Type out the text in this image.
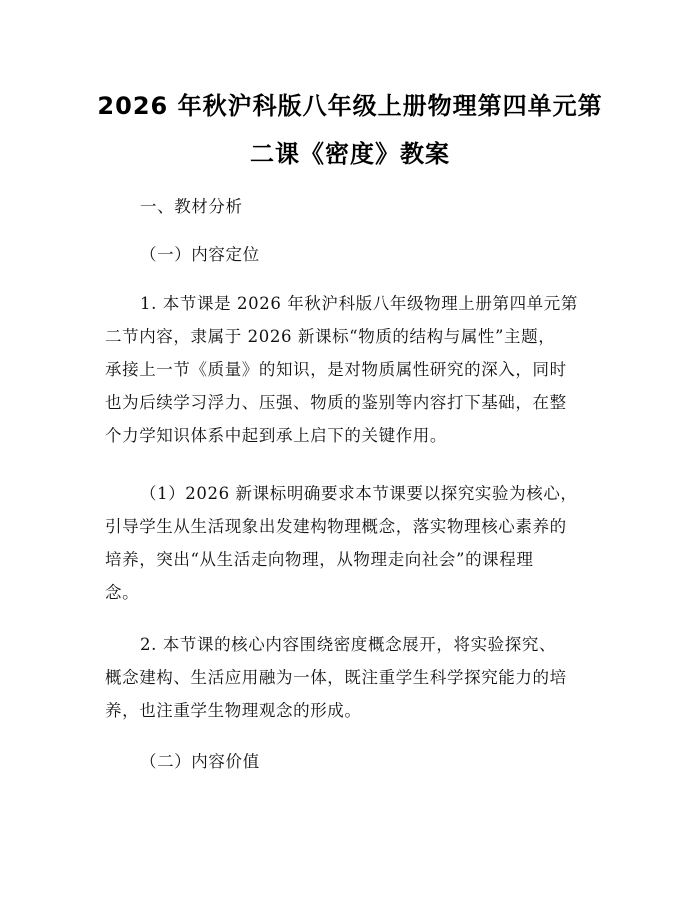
2026 年秋沪科版八年级上册物理第四单元第
二课《密度》教案
一、教材分析
（一）内容定位
1. 本节课是 2026 年秋沪科版八年级物理上册第四单元第
二节内容，隶属于 2026 新课标“物质的结构与属性”主题，
承接上一节《质量》的知识，是对物质属性研究的深入，同时
也为后续学习浮力、压强、物质的鉴别等内容打下基础，在整
个力学知识体系中起到承上启下的关键作用。
（1）2026 新课标明确要求本节课要以探究实验为核心，
引导学生从生活现象出发建构物理概念，落实物理核心素养的
培养，突出“从生活走向物理，从物理走向社会”的课程理
念。
2. 本节课的核心内容围绕密度概念展开，将实验探究、
概念建构、生活应用融为一体，既注重学生科学探究能力的培
养，也注重学生物理观念的形成。
（二）内容价值
